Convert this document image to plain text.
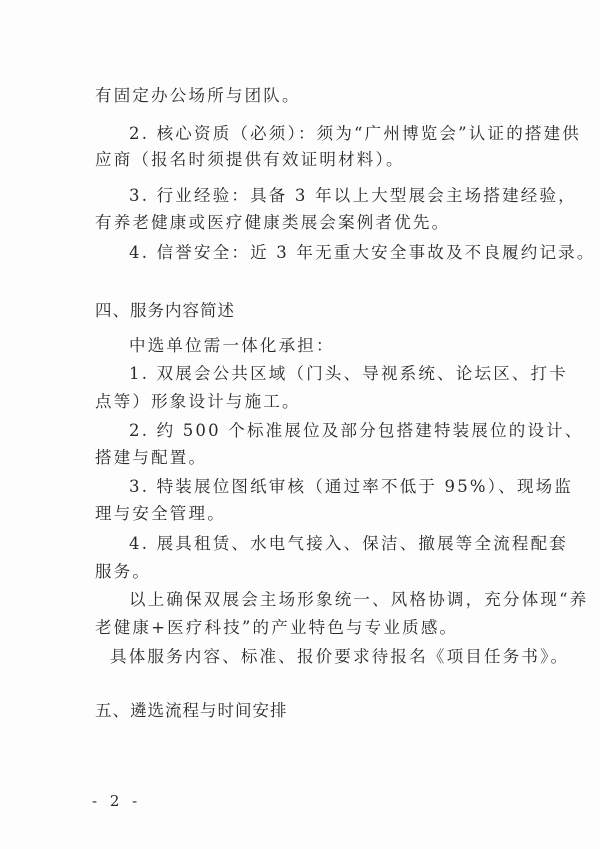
有固定办公场所与团队。
2. 核心资质（必须）：须为“广州博览会”认证的搭建供
应商（报名时须提供有效证明材料）。
3. 行业经验：具备 3 年以上大型展会主场搭建经验，
有养老健康或医疗健康类展会案例者优先。
4. 信誉安全：近 3 年无重大安全事故及不良履约记录。
四、服务内容简述
中选单位需一体化承担：
1. 双展会公共区域（门头、导视系统、论坛区、打卡
点等）形象设计与施工。
2. 约 500 个标准展位及部分包搭建特装展位的设计、
搭建与配置。
3. 特装展位图纸审核（通过率不低于 95%）、现场监
理与安全管理。
4. 展具租赁、水电气接入、保洁、撤展等全流程配套
服务。
以上确保双展会主场形象统一、风格协调，充分体现“养
老健康+医疗科技”的产业特色与专业质感。
具体服务内容、标准、报价要求待报名《项目任务书》。
五、遴选流程与时间安排
- 2 -
